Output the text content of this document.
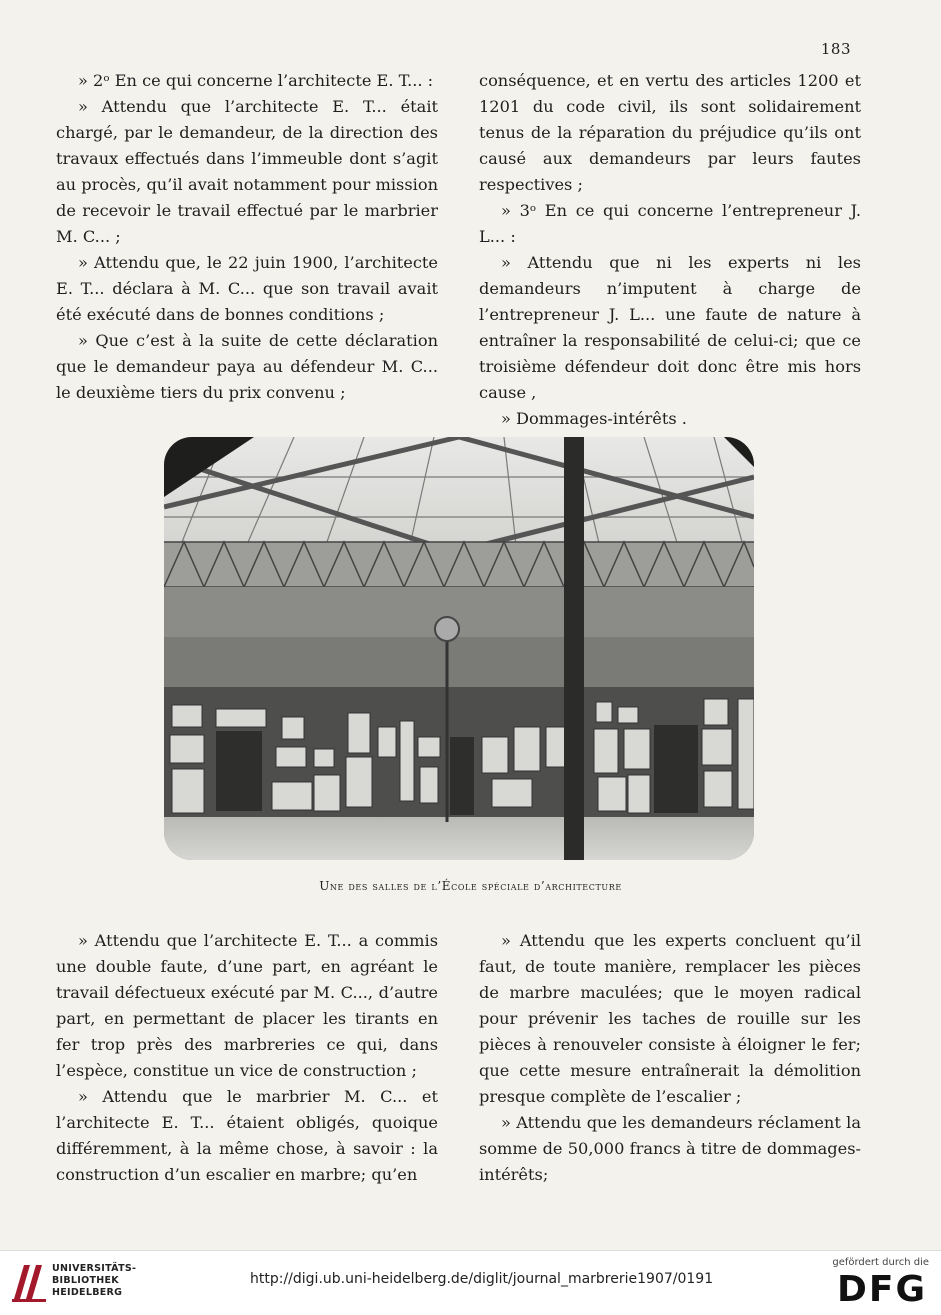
183

» 2ᵒ En ce qui concerne l’architecte E. T... :

» Attendu que l’architecte E. T... était chargé, par le demandeur, de la direction des travaux effectués dans l’immeuble dont s’agit au procès, qu’il avait notamment pour mission de recevoir le travail effectué par le marbrier M. C... ;

» Attendu que, le 22 juin 1900, l’architecte E. T... déclara à M. C... que son travail avait été exécuté dans de bonnes conditions ;

» Que c’est à la suite de cette déclaration que le demandeur paya au défendeur M. C... le deuxième tiers du prix convenu ;

conséquence, et en vertu des articles 1200 et 1201 du code civil, ils sont solidairement tenus de la réparation du préjudice qu’ils ont causé aux demandeurs par leurs fautes respectives ;

» 3ᵒ En ce qui concerne l’entrepreneur J. L... :

» Attendu que ni les experts ni les demandeurs n’imputent à charge de l’entrepreneur J. L... une faute de nature à entraîner la responsabilité de celui-ci; que ce troisième défendeur doit donc être mis hors cause ,

» Dommages-intérêts .

Une des salles de l’École spéciale d’architecture

» Attendu que l’architecte E. T... a commis une double faute, d’une part, en agréant le travail défectueux exécuté par M. C..., d’autre part, en permettant de placer les tirants en fer trop près des marbreries ce qui, dans l’espèce, constitue un vice de construction ;

» Attendu que le marbrier M. C... et l’architecte E. T... étaient obligés, quoique différemment, à la même chose, à savoir : la construction d’un escalier en marbre; qu’en

» Attendu que les experts concluent qu’il faut, de toute manière, remplacer les pièces de marbre maculées; que le moyen radical pour prévenir les taches de rouille sur les pièces à renouveler consiste à éloigner le fer; que cette mesure entraînerait la démolition presque complète de l’escalier ;

» Attendu que les demandeurs réclament la somme de 50,000 francs à titre de dommages-intérêts;

UNIVERSITÄTS-
BIBLIOTHEK
HEIDELBERG
http://digi.ub.uni-heidelberg.de/diglit/journal_marbrerie1907/0191
gefördert durch die
DFG
